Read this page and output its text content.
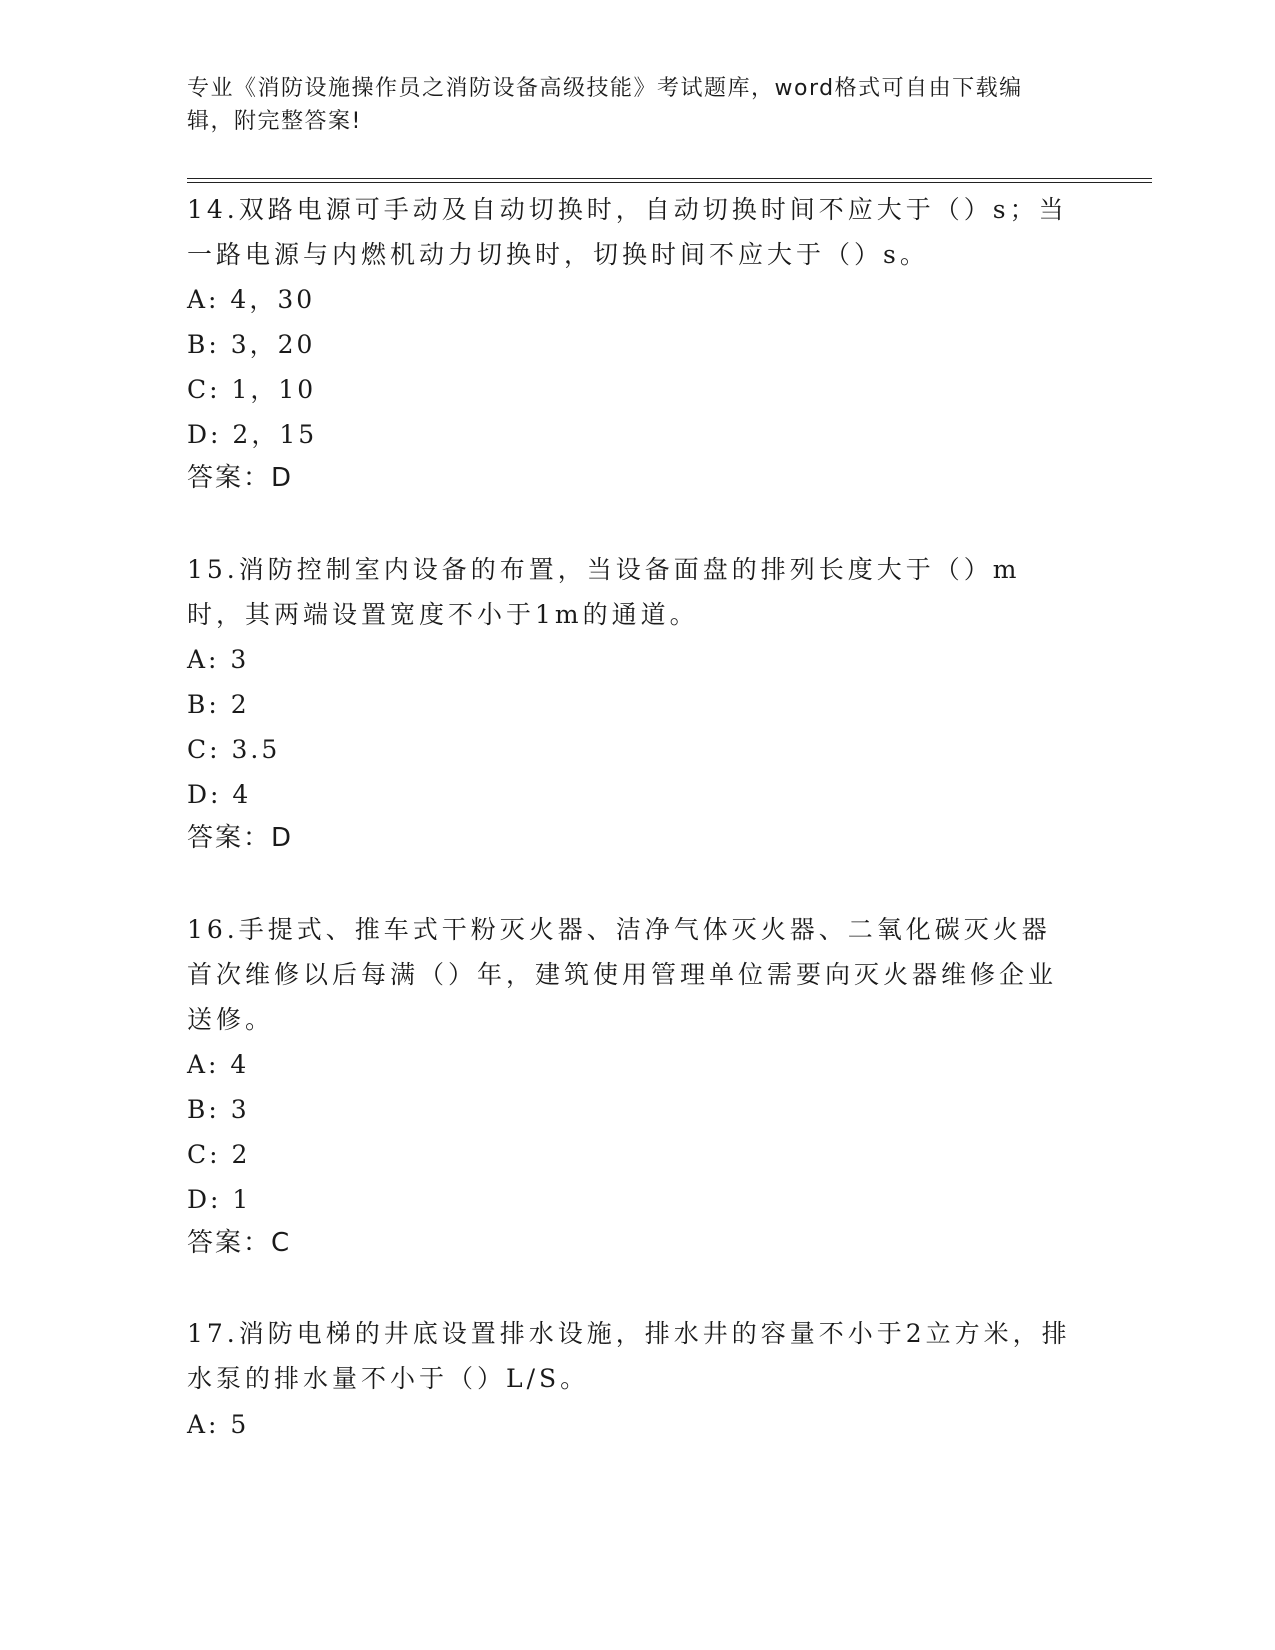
专业《消防设施操作员之消防设备高级技能》考试题库，word格式可自由下载编辑，附完整答案!
14.双路电源可手动及自动切换时，自动切换时间不应大于（）s；当一路电源与内燃机动力切换时，切换时间不应大于（）s。
A: 4，30
B: 3，20
C: 1，10
D: 2，15
答案：D
15.消防控制室内设备的布置，当设备面盘的排列长度大于（）m时，其两端设置宽度不小于1m的通道。
A: 3
B: 2
C: 3.5
D: 4
答案：D
16.手提式、推车式干粉灭火器、洁净气体灭火器、二氧化碳灭火器首次维修以后每满（）年，建筑使用管理单位需要向灭火器维修企业送修。
A: 4
B: 3
C: 2
D: 1
答案：C
17.消防电梯的井底设置排水设施，排水井的容量不小于2立方米，排水泵的排水量不小于（）L/S。
A: 5
